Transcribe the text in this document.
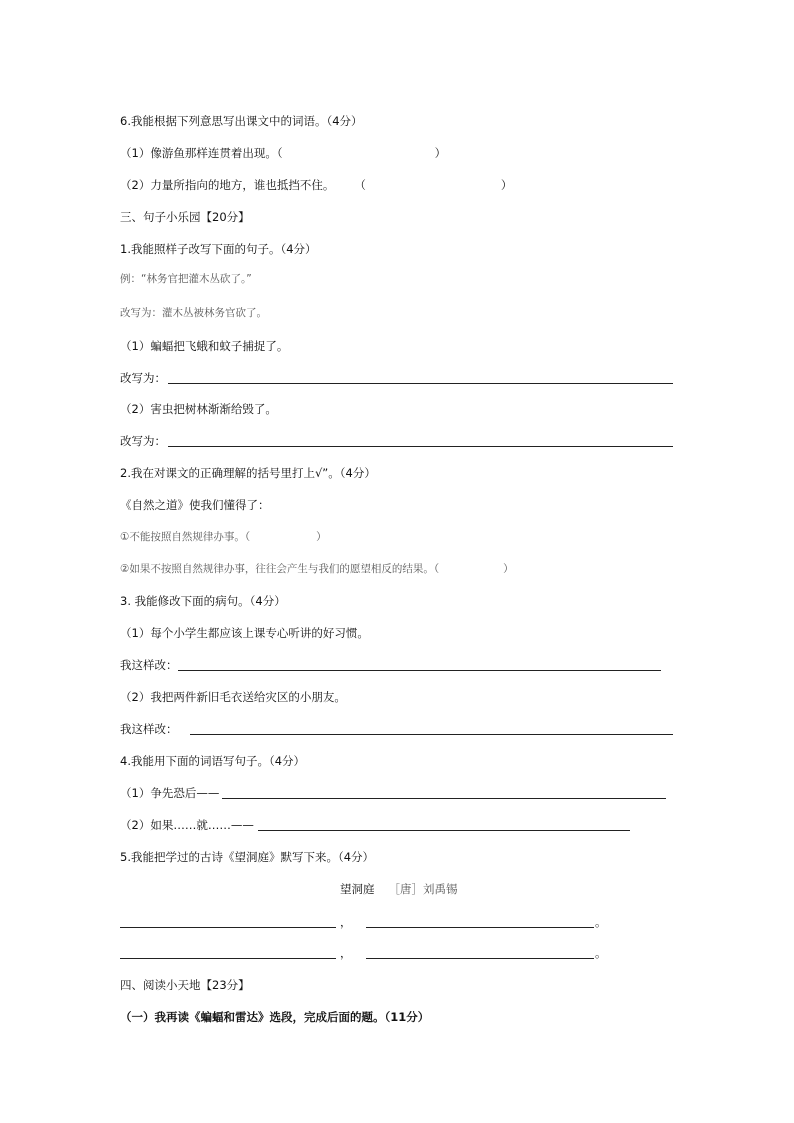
6.我能根据下列意思写出课文中的词语。（4分）
（1）像游鱼那样连贯着出现。（	）
（2）力量所指向的地方，谁也抵挡不住。 （	）
三、句子小乐园【20分】
1.我能照样子改写下面的句子。（4分）
例：“林务官把灌木丛砍了。”
改写为：灌木丛被林务官砍了。
（1）蝙蝠把飞蛾和蚊子捕捉了。
改写为：
（2）害虫把树林渐渐给毁了。
改写为：
2.我在对课文的正确理解的括号里打上√”。（4分）
《自然之道》使我们懂得了：
①不能按照自然规律办事。（	）
②如果不按照自然规律办事，往往会产生与我们的愿望相反的结果。（	）
3. 我能修改下面的病句。（4分）
（1）每个小学生都应该上课专心听讲的好习惯。
我这样改：
（2）我把两件新旧毛衣送给灾区的小朋友。
我这样改：
4.我能用下面的词语写句子。（4分）
（1）争先恐后——
（2）如果……就……——
5.我能把学过的古诗《望洞庭》默写下来。（4分）
望洞庭 ［唐］刘禹锡
，	。
，	。
四、阅读小天地【23分】
（一）我再读《蝙蝠和雷达》选段，完成后面的题。（11分）
